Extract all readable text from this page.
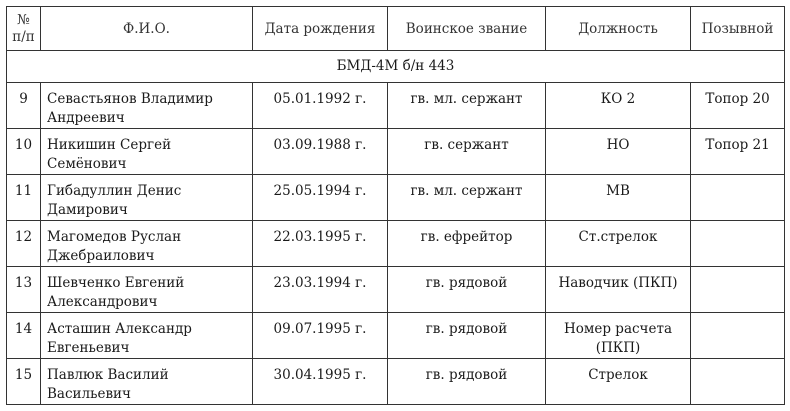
№ п/п	Ф.И.О.	Дата рождения	Воинское звание	Должность	Позывной
БМД-4М б/н 443					
9	Севастьянов Владимир Андреевич	05.01.1992 г.	гв. мл. сержант	КО 2	Топор 20
10	Никишин Сергей Семёнович	03.09.1988 г.	гв. сержант	НО	Топор 21
11	Гибадуллин Денис Дамирович	25.05.1994 г.	гв. мл. сержант	МВ	
12	Магомедов Руслан Джебраилович	22.03.1995 г.	гв. ефрейтор	Ст.стрелок	
13	Шевченко Евгений Александрович	23.03.1994 г.	гв. рядовой	Наводчик (ПКП)	
14	Асташин Александр Евгеньевич	09.07.1995 г.	гв. рядовой	Номер расчета (ПКП)	
15	Павлюк Василий Васильевич	30.04.1995 г.	гв. рядовой	Стрелок	
